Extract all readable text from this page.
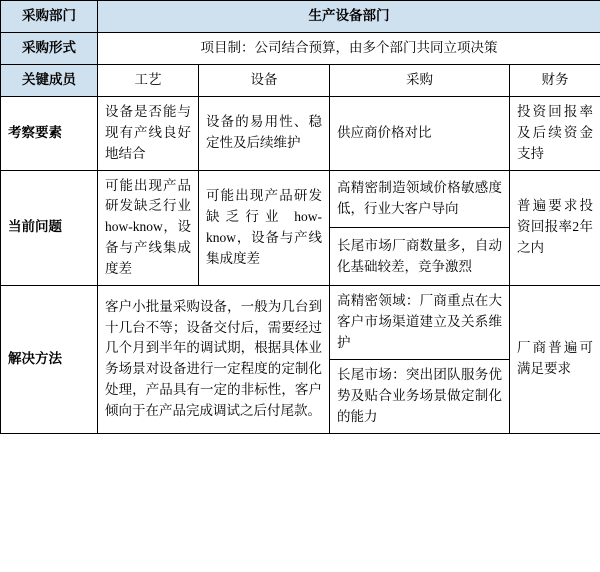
采购部门	生产设备部门			
采购形式	项目制：公司结合预算，由多个部门共同立项决策			
关键成员	工艺	设备	采购	财务
考察要素	设备是否能与现有产线良好地结合	设备的易用性、稳定性及后续维护	供应商价格对比	投资回报率及后续资金支持
当前问题	可能出现产品研发缺乏行业 how-know，设备与产线集成度差	可能出现产品研发缺乏行业 how-know，设备与产线集成度差	高精密制造领域价格敏感度低，行业大客户导向	普遍要求投资回报率2年之内
			长尾市场厂商数量多，自动化基础较差，竞争激烈	
解决方法	客户小批量采购设备，一般为几台到十几台不等；设备交付后，需要经过几个月到半年的调试期，根据具体业务场景对设备进行一定程度的定制化处理，产品具有一定的非标性，客户倾向于在产品完成调试之后付尾款。		高精密领域：厂商重点在大客户市场渠道建立及关系维护	厂商普遍可满足要求
			长尾市场：突出团队服务优势及贴合业务场景做定制化的能力	
